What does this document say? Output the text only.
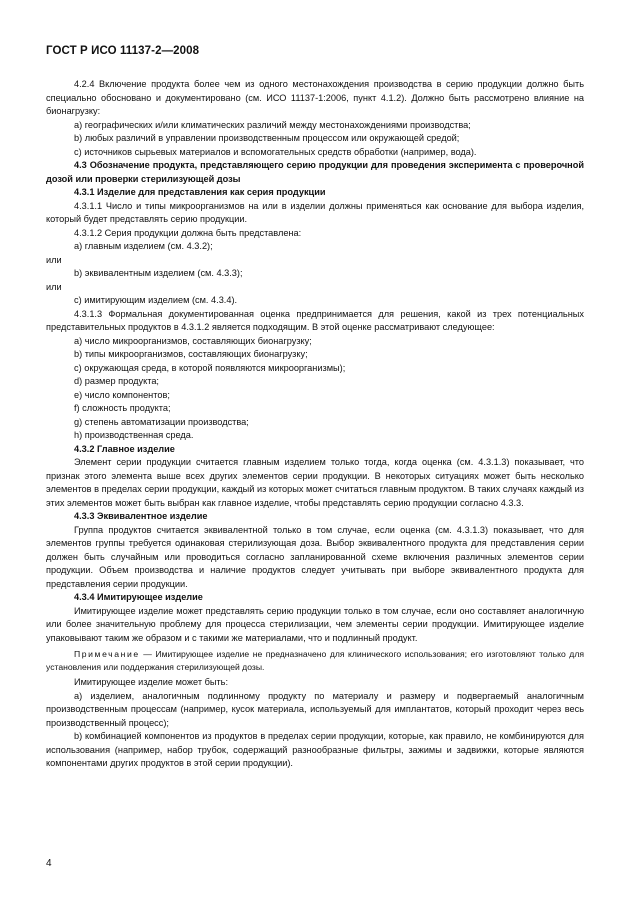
ГОСТ Р ИСО 11137-2—2008

4.2.4 Включение продукта более чем из одного местонахождения производства в серию продукции должно быть специально обосновано и документировано (см. ИСО 11137-1:2006, пункт 4.1.2). Должно быть рассмотрено влияние на бионагрузку:

a) географических и/или климатических различий между местонахождениями производства;

b) любых различий в управлении производственным процессом или окружающей средой;

c) источников сырьевых материалов и вспомогательных средств обработки (например, вода).

4.3 Обозначение продукта, представляющего серию продукции для проведения эксперимента с проверочной дозой или проверки стерилизующей дозы

4.3.1 Изделие для представления как серия продукции

4.3.1.1 Число и типы микроорганизмов на или в изделии должны применяться как основание для выбора изделия, который будет представлять серию продукции.

4.3.1.2 Серия продукции должна быть представлена:

a) главным изделием (см. 4.3.2);

или

b) эквивалентным изделием (см. 4.3.3);

или

c) имитирующим изделием (см. 4.3.4).

4.3.1.3 Формальная документированная оценка предпринимается для решения, какой из трех потенциальных представительных продуктов в 4.3.1.2 является подходящим. В этой оценке рассматривают следующее:

a) число микроорганизмов, составляющих бионагрузку;

b) типы микроорганизмов, составляющих бионагрузку;

c) окружающая среда, в которой появляются микроорганизмы);

d) размер продукта;

e) число компонентов;

f) сложность продукта;

g) степень автоматизации производства;

h) производственная среда.

4.3.2 Главное изделие

Элемент серии продукции считается главным изделием только тогда, когда оценка (см. 4.3.1.3) показывает, что признак этого элемента выше всех других элементов серии продукции. В некоторых ситуациях может быть несколько элементов в пределах серии продукции, каждый из которых может считаться главным продуктом. В таких случаях каждый из этих элементов может быть выбран как главное изделие, чтобы представлять серию продукции согласно 4.3.3.

4.3.3 Эквивалентное изделие

Группа продуктов считается эквивалентной только в том случае, если оценка (см. 4.3.1.3) показывает, что для элементов группы требуется одинаковая стерилизующая доза. Выбор эквивалентного продукта для представления серии должен быть случайным или проводиться согласно запланированной схеме включения различных элементов серии продукции. Объем производства и наличие продуктов следует учитывать при выборе эквивалентного продукта для представления серии продукции.

4.3.4 Имитирующее изделие

Имитирующее изделие может представлять серию продукции только в том случае, если оно составляет аналогичную или более значительную проблему для процесса стерилизации, чем элементы серии продукции. Имитирующее изделие упаковывают таким же образом и с такими же материалами, что и подлинный продукт.

Примечание — Имитирующее изделие не предназначено для клинического использования; его изготовляют только для установления или поддержания стерилизующей дозы.

Имитирующее изделие может быть:

a) изделием, аналогичным подлинному продукту по материалу и размеру и подвергаемый аналогичным производственным процессам (например, кусок материала, используемый для имплантатов, который проходит через весь производственный процесс);

b) комбинацией компонентов из продуктов в пределах серии продукции, которые, как правило, не комбинируются для использования (например, набор трубок, содержащий разнообразные фильтры, зажимы и задвижки, которые являются компонентами других продуктов в этой серии продукции).

4
